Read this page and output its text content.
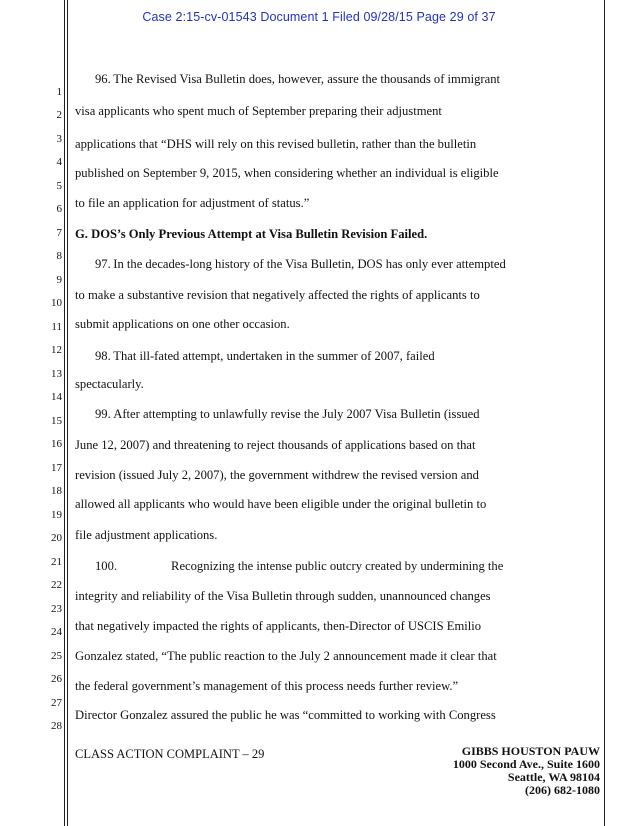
Case 2:15-cv-01543 Document 1 Filed 09/28/15 Page 29 of 37
1
2
3
4
5
6
7
8
9
10
11
12
13
14
15
16
17
18
19
20
21
22
23
24
25
26
27
28
96. The Revised Visa Bulletin does, however, assure the thousands of immigrant
visa applicants who spent much of September preparing their adjustment
applications that “DHS will rely on this revised bulletin, rather than the bulletin
published on September 9, 2015, when considering whether an individual is eligible
to file an application for adjustment of status.”
G. DOS’s Only Previous Attempt at Visa Bulletin Revision Failed.
97. In the decades-long history of the Visa Bulletin, DOS has only ever attempted
to make a substantive revision that negatively affected the rights of applicants to
submit applications on one other occasion.
98. That ill-fated attempt, undertaken in the summer of 2007, failed
spectacularly.
99. After attempting to unlawfully revise the July 2007 Visa Bulletin (issued
June 12, 2007) and threatening to reject thousands of applications based on that
revision (issued July 2, 2007), the government withdrew the revised version and
allowed all applicants who would have been eligible under the original bulletin to
file adjustment applications.
100.	Recognizing the intense public outcry created by undermining the
integrity and reliability of the Visa Bulletin through sudden, unannounced changes
that negatively impacted the rights of applicants, then-Director of USCIS Emilio
Gonzalez stated, “The public reaction to the July 2 announcement made it clear that
the federal government’s management of this process needs further review.”
Director Gonzalez assured the public he was “committed to working with Congress
CLASS ACTION COMPLAINT – 29	GIBBS HOUSTON PAUW
1000 Second Ave., Suite 1600
Seattle, WA 98104
(206) 682-1080
